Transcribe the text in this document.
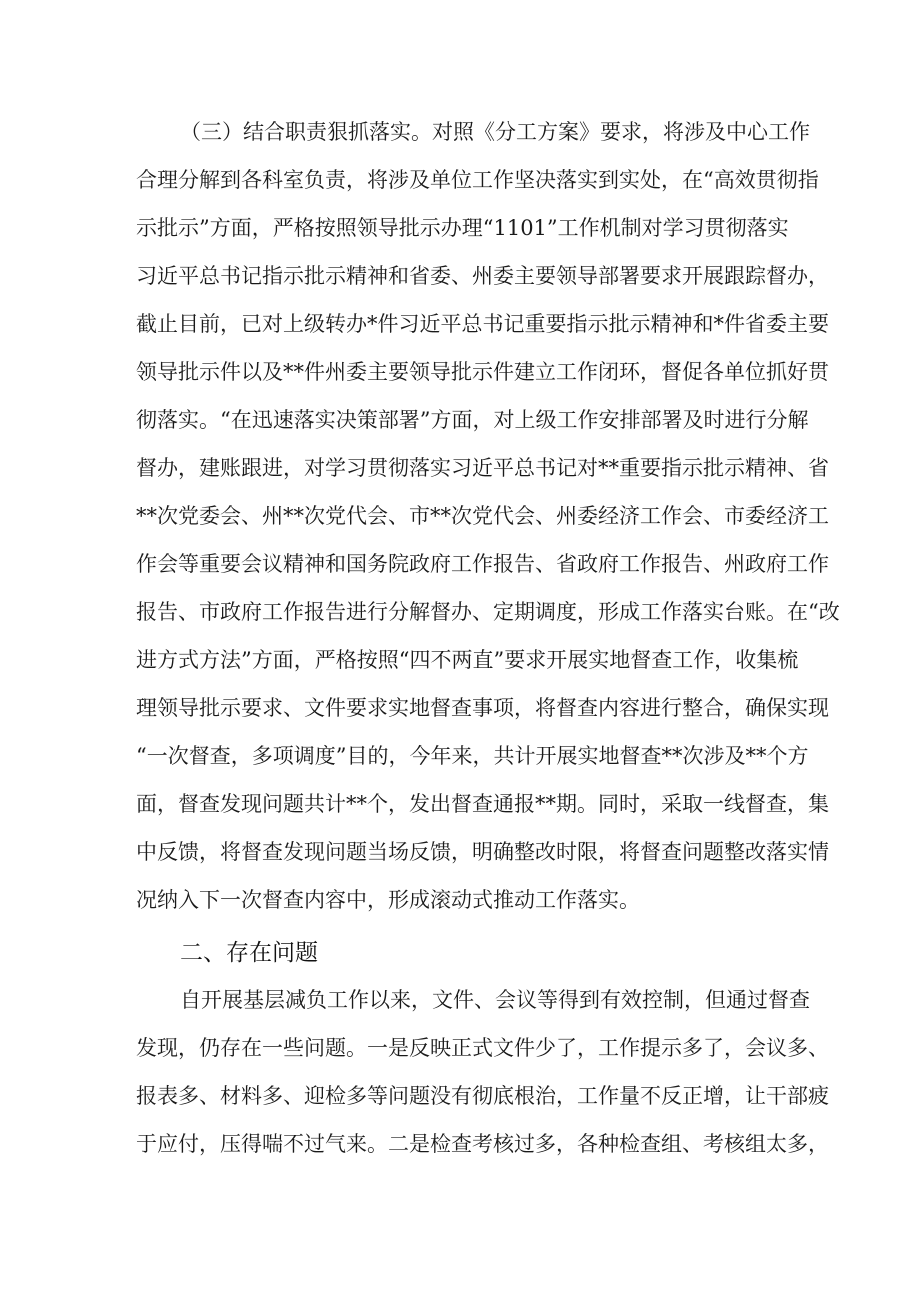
（三）结合职责狠抓落实。对照《分工方案》要求，将涉及中心工作
合理分解到各科室负责，将涉及单位工作坚决落实到实处，在“高效贯彻指
示批示”方面，严格按照领导批示办理“1101”工作机制对学习贯彻落实
习近平总书记指示批示精神和省委、州委主要领导部署要求开展跟踪督办，
截止目前，已对上级转办*件习近平总书记重要指示批示精神和*件省委主要
领导批示件以及**件州委主要领导批示件建立工作闭环，督促各单位抓好贯
彻落实。“在迅速落实决策部署”方面，对上级工作安排部署及时进行分解
督办，建账跟进，对学习贯彻落实习近平总书记对**重要指示批示精神、省
**次党委会、州**次党代会、市**次党代会、州委经济工作会、市委经济工
作会等重要会议精神和国务院政府工作报告、省政府工作报告、州政府工作
报告、市政府工作报告进行分解督办、定期调度，形成工作落实台账。在“改
进方式方法”方面，严格按照“四不两直”要求开展实地督查工作，收集梳
理领导批示要求、文件要求实地督查事项，将督查内容进行整合，确保实现
“一次督查，多项调度”目的，今年来，共计开展实地督查**次涉及**个方
面，督查发现问题共计**个，发出督查通报**期。同时，采取一线督查，集
中反馈，将督查发现问题当场反馈，明确整改时限，将督查问题整改落实情
况纳入下一次督查内容中，形成滚动式推动工作落实。
二、存在问题
自开展基层减负工作以来，文件、会议等得到有效控制，但通过督查
发现，仍存在一些问题。一是反映正式文件少了，工作提示多了，会议多、
报表多、材料多、迎检多等问题没有彻底根治，工作量不反正增，让干部疲
于应付，压得喘不过气来。二是检查考核过多，各种检查组、考核组太多，
